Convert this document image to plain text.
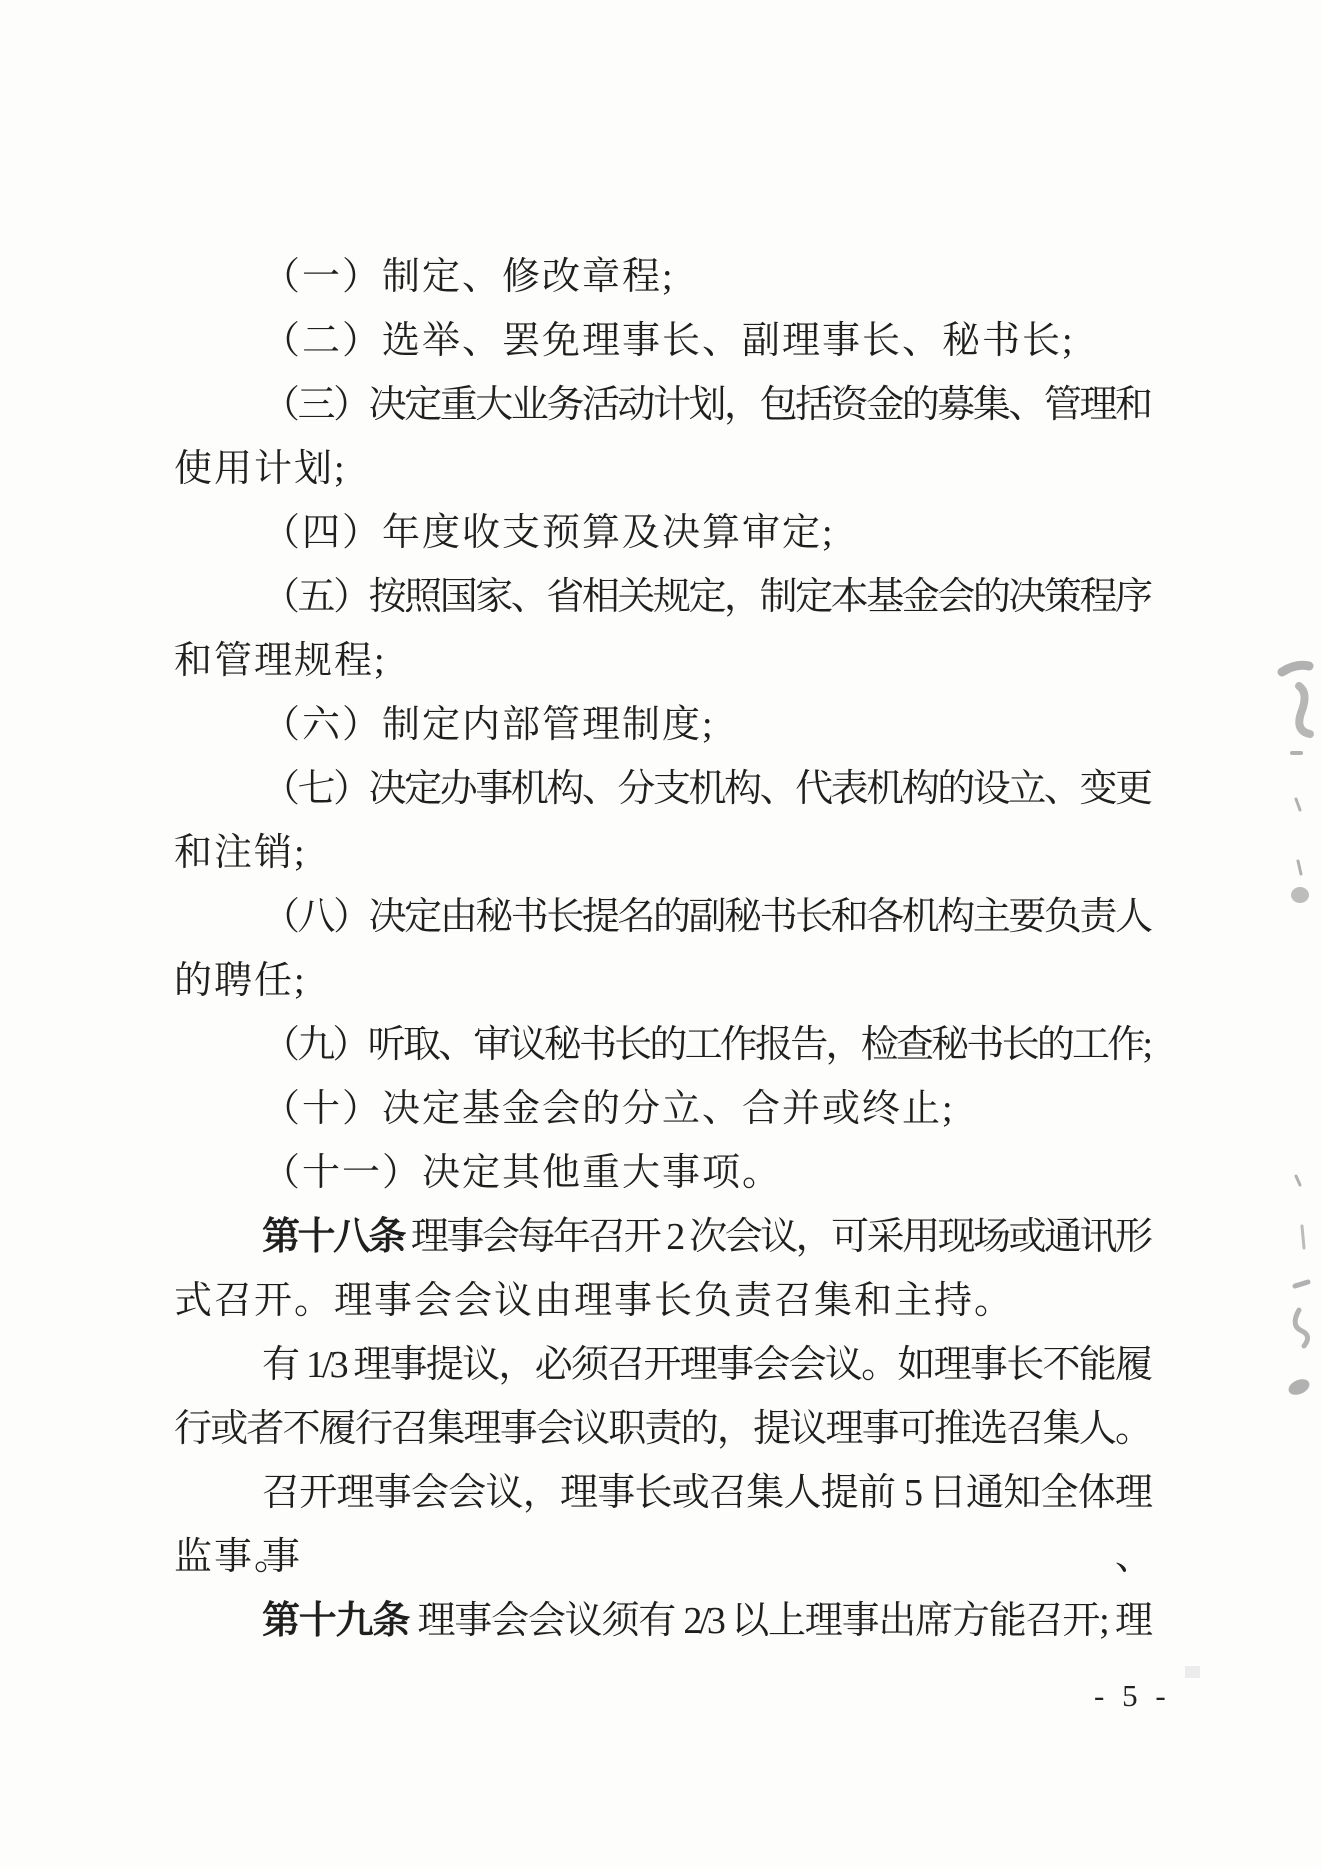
（一）制定、修改章程;
（二）选举、罢免理事长、副理事长、秘书长;
（三）决定重大业务活动计划，包括资金的募集、管理和
使用计划;
（四）年度收支预算及决算审定;
（五）按照国家、省相关规定，制定本基金会的决策程序
和管理规程;
（六）制定内部管理制度;
（七）决定办事机构、分支机构、代表机构的设立、变更
和注销;
（八）决定由秘书长提名的副秘书长和各机构主要负责人
的聘任;
（九）听取、审议秘书长的工作报告，检查秘书长的工作;
（十）决定基金会的分立、合并或终止;
（十一）决定其他重大事项。
第十八条 理事会每年召开 2 次会议，可采用现场或通讯形
式召开。理事会会议由理事长负责召集和主持。
有 1/3 理事提议，必须召开理事会会议。如理事长不能履
行或者不履行召集理事会议职责的，提议理事可推选召集人。
召开理事会会议，理事长或召集人提前 5 日通知全体理事、
监事。
第十九条 理事会会议须有 2/3 以上理事出席方能召开; 理
- 5 -
